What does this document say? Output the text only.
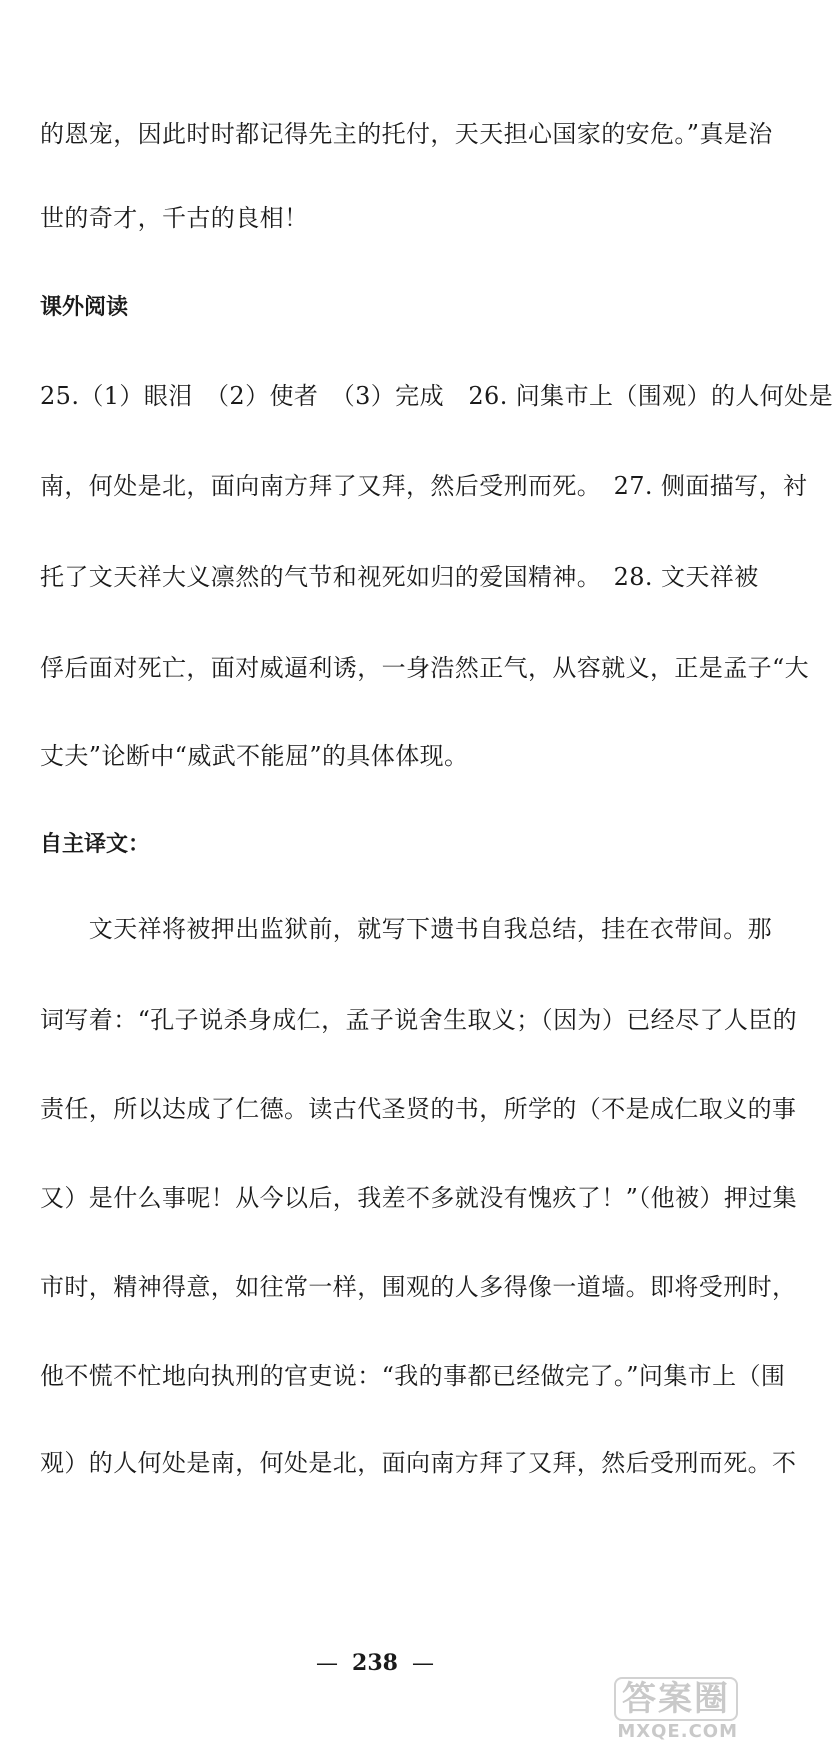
的恩宠，因此时时都记得先主的托付，天天担心国家的安危。”真是治
世的奇才，千古的良相！
课外阅读
25.（1）眼泪　（2）使者　（3）完成　26. 问集市上（围观）的人何处是
南，何处是北，面向南方拜了又拜，然后受刑而死。　27. 侧面描写，衬
托了文天祥大义凛然的气节和视死如归的爱国精神。　28. 文天祥被
俘后面对死亡，面对威逼利诱，一身浩然正气，从容就义，正是孟子“大
丈夫”论断中“威武不能屈”的具体体现。
自主译文：
　　文天祥将被押出监狱前，就写下遗书自我总结，挂在衣带间。那
词写着：“孔子说杀身成仁，孟子说舍生取义；（因为）已经尽了人臣的
责任，所以达成了仁德。读古代圣贤的书，所学的（不是成仁取义的事
又）是什么事呢！从今以后，我差不多就没有愧疚了！”（他被）押过集
市时，精神得意，如往常一样，围观的人多得像一道墙。即将受刑时，
他不慌不忙地向执刑的官吏说：“我的事都已经做完了。”问集市上（围
观）的人何处是南，何处是北，面向南方拜了又拜，然后受刑而死。不
— 238 —
答案圈
MXQE.COM
